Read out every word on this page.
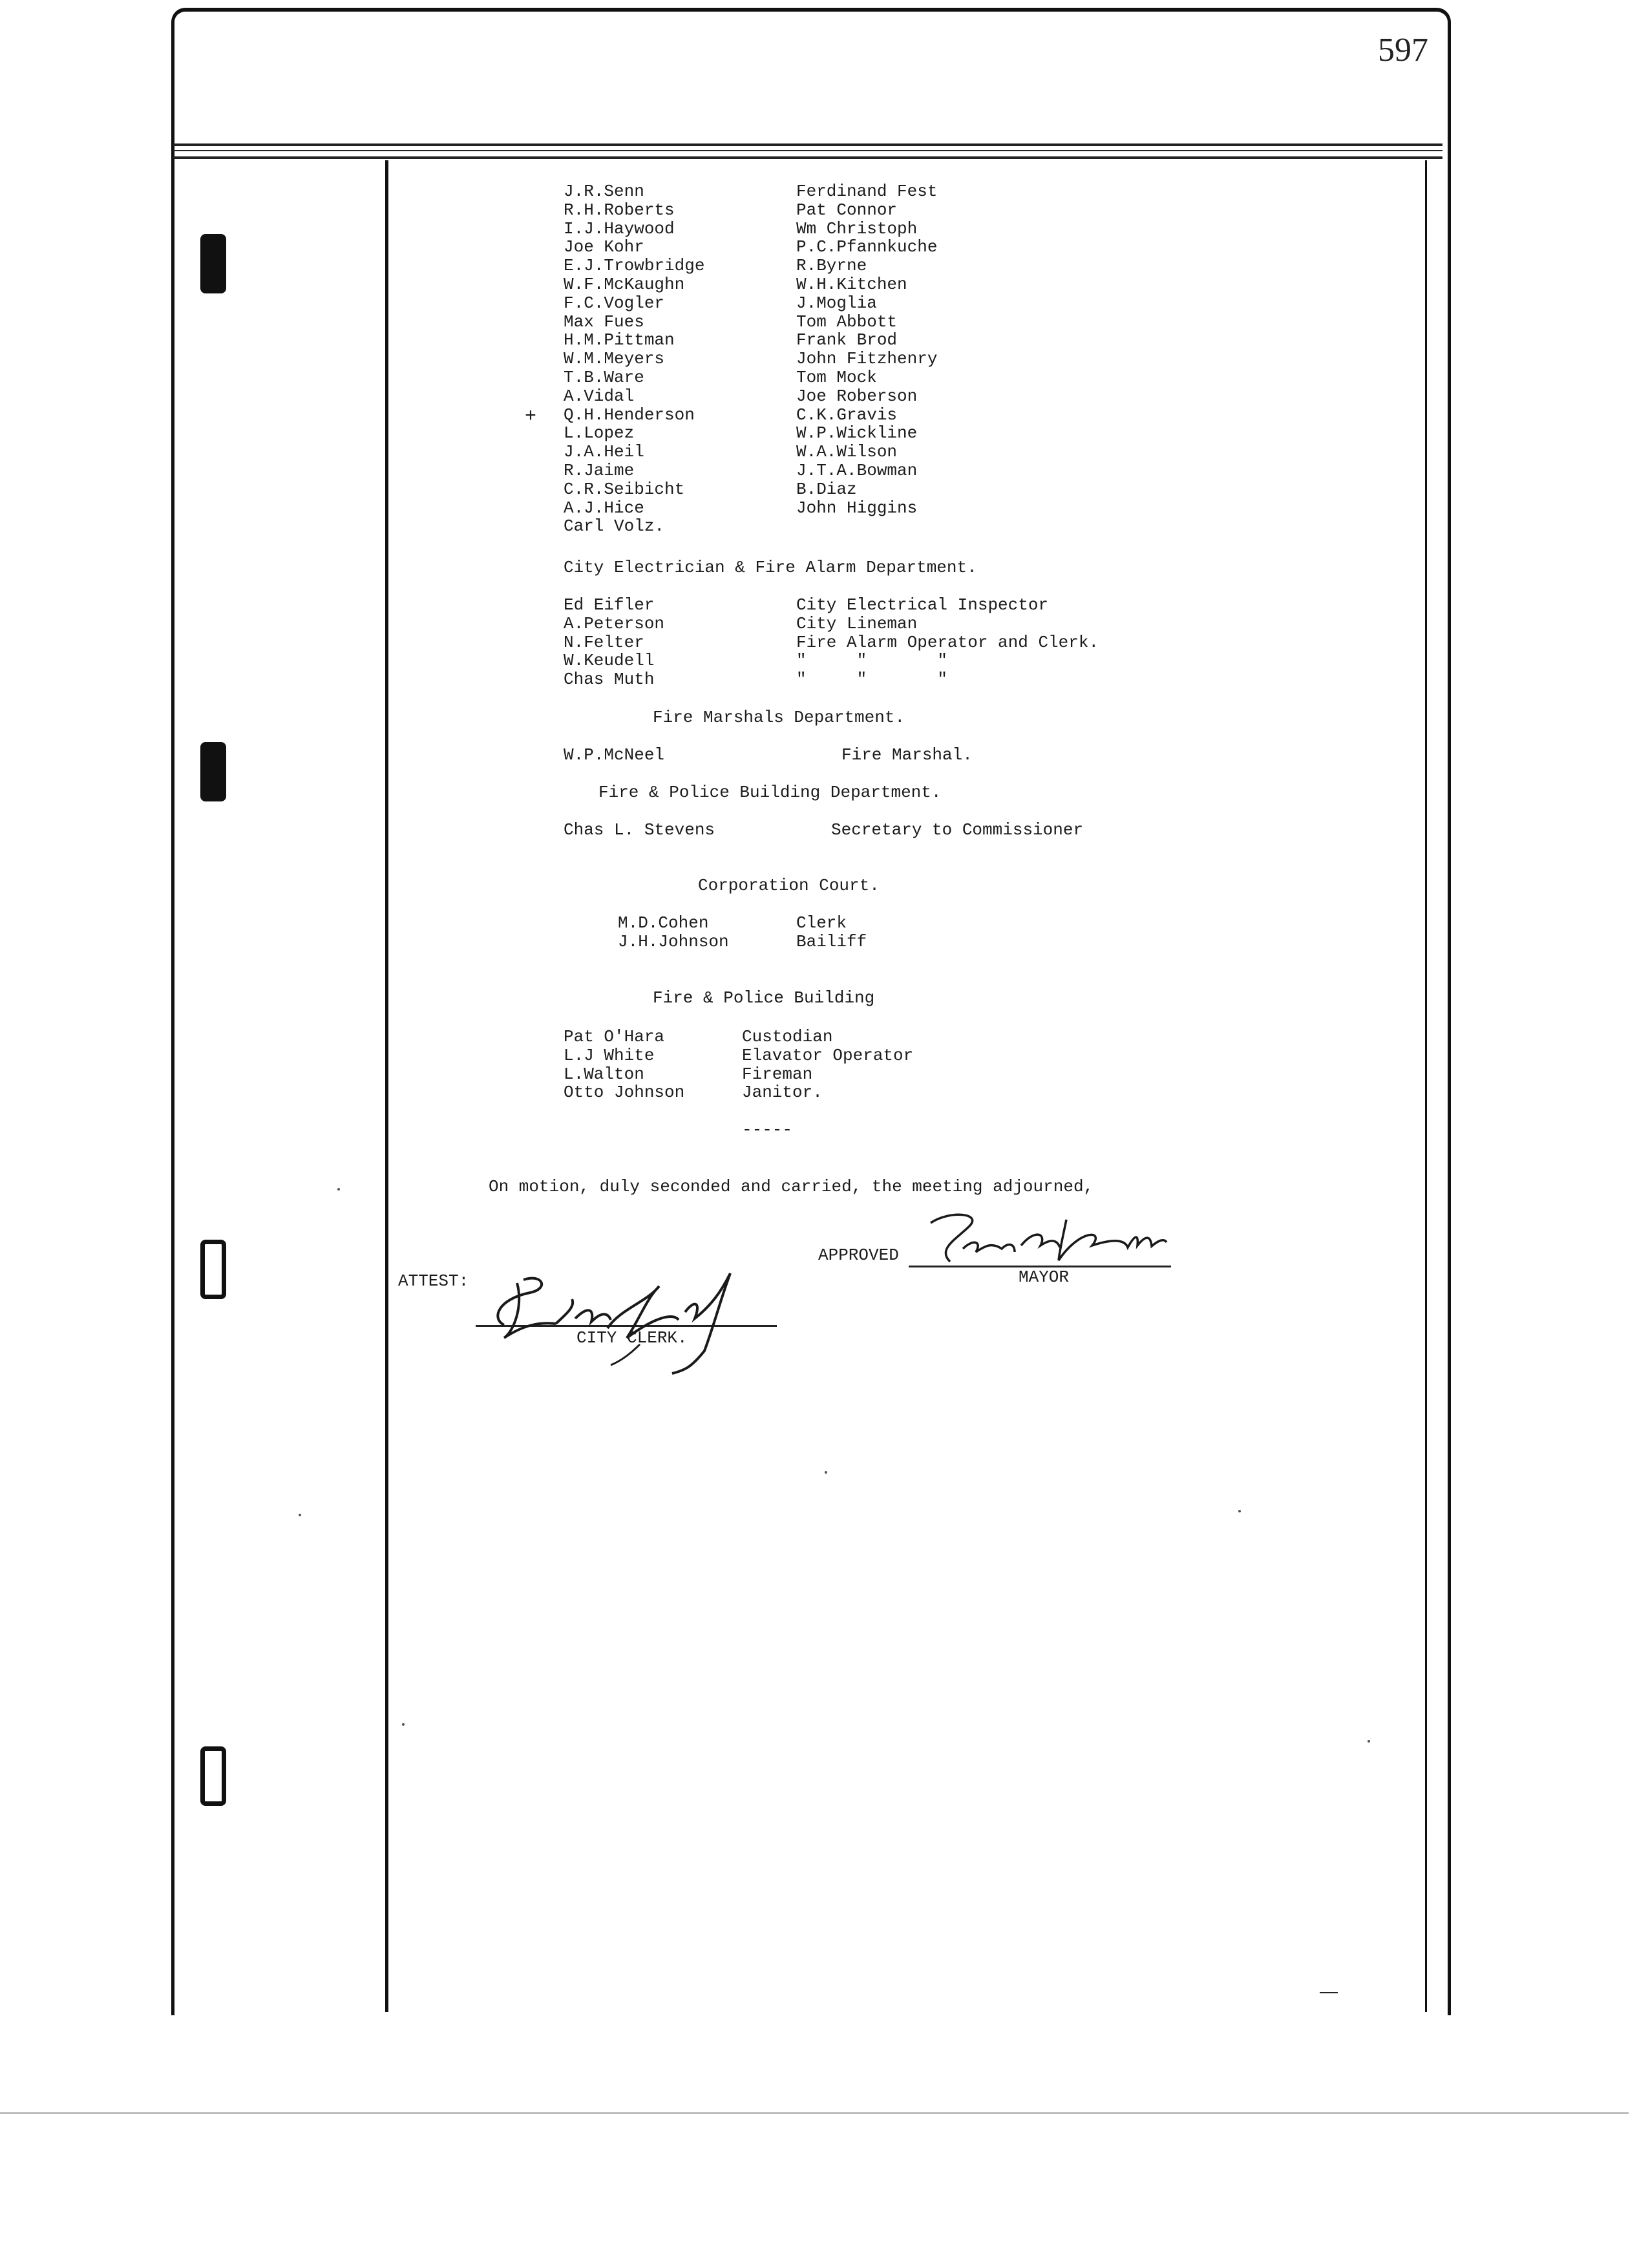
597
J.R.Senn
R.H.Roberts
I.J.Haywood
Joe Kohr
E.J.Trowbridge
W.F.McKaughn
F.C.Vogler
Max Fues
H.M.Pittman
W.M.Meyers
T.B.Ware
A.Vidal
Q.H.Henderson
L.Lopez
J.A.Heil
R.Jaime
C.R.Seibicht
A.J.Hice
Carl Volz.
Ferdinand Fest
Pat Connor
Wm Christoph
P.C.Pfannkuche
R.Byrne
W.H.Kitchen
J.Moglia
Tom Abbott
Frank Brod
John Fitzhenry
Tom Mock
Joe Roberson
C.K.Gravis
W.P.Wickline
W.A.Wilson
J.T.A.Bowman
B.Diaz
John Higgins
+
City Electrician & Fire Alarm Department.
Ed Eifler
A.Peterson
N.Felter
W.Keudell
Chas Muth
City Electrical Inspector
City Lineman
Fire Alarm Operator and Clerk.
"     "       "
"     "       "
Fire Marshals Department.
W.P.McNeel	Fire Marshal.
Fire & Police Building Department.
Chas L. Stevens	Secretary to Commissioner
Corporation Court.
M.D.Cohen
J.H.Johnson
Clerk
Bailiff
Fire & Police Building
Pat O'Hara
L.J White
L.Walton
Otto Johnson
Custodian
Elavator Operator
Fireman
Janitor.
-----
On motion, duly seconded and carried, the meeting adjourned,
ATTEST:
CITY CLERK.
APPROVED
MAYOR
